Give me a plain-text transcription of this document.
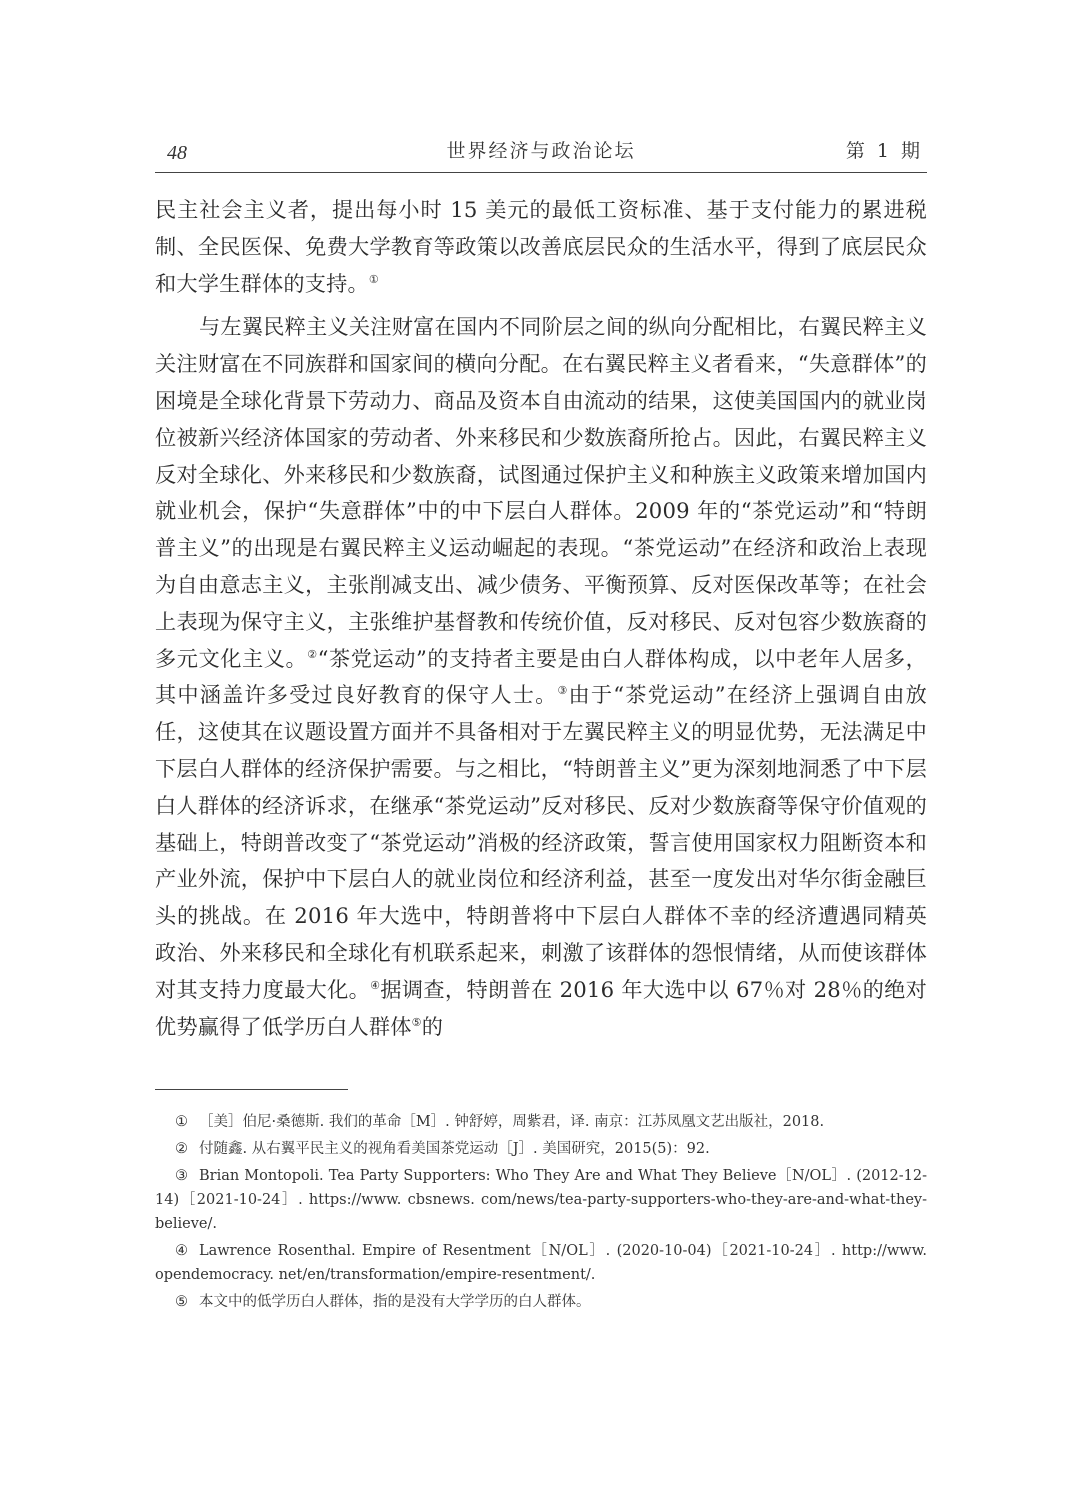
48	世界经济与政治论坛	第 1 期

民主社会主义者，提出每小时 15 美元的最低工资标准、基于支付能力的累进税制、全民医保、免费大学教育等政策以改善底层民众的生活水平，得到了底层民众和大学生群体的支持。①

与左翼民粹主义关注财富在国内不同阶层之间的纵向分配相比，右翼民粹主义关注财富在不同族群和国家间的横向分配。在右翼民粹主义者看来，“失意群体”的困境是全球化背景下劳动力、商品及资本自由流动的结果，这使美国国内的就业岗位被新兴经济体国家的劳动者、外来移民和少数族裔所抢占。因此，右翼民粹主义反对全球化、外来移民和少数族裔，试图通过保护主义和种族主义政策来增加国内就业机会，保护“失意群体”中的中下层白人群体。2009 年的“茶党运动”和“特朗普主义”的出现是右翼民粹主义运动崛起的表现。“茶党运动”在经济和政治上表现为自由意志主义，主张削减支出、减少债务、平衡预算、反对医保改革等；在社会上表现为保守主义，主张维护基督教和传统价值，反对移民、反对包容少数族裔的多元文化主义。②“茶党运动”的支持者主要是由白人群体构成，以中老年人居多，其中涵盖许多受过良好教育的保守人士。③由于“茶党运动”在经济上强调自由放任，这使其在议题设置方面并不具备相对于左翼民粹主义的明显优势，无法满足中下层白人群体的经济保护需要。与之相比，“特朗普主义”更为深刻地洞悉了中下层白人群体的经济诉求，在继承“茶党运动”反对移民、反对少数族裔等保守价值观的基础上，特朗普改变了“茶党运动”消极的经济政策，誓言使用国家权力阻断资本和产业外流，保护中下层白人的就业岗位和经济利益，甚至一度发出对华尔街金融巨头的挑战。在 2016 年大选中，特朗普将中下层白人群体不幸的经济遭遇同精英政治、外来移民和全球化有机联系起来，刺激了该群体的怨恨情绪，从而使该群体对其支持力度最大化。④据调查，特朗普在 2016 年大选中以 67％对 28％的绝对优势赢得了低学历白人群体⑤的

① ［美］伯尼·桑德斯. 我们的革命［M］. 钟舒婷，周紫君，译. 南京：江苏凤凰文艺出版社，2018.
② 付随鑫. 从右翼平民主义的视角看美国茶党运动［J］. 美国研究，2015(5)：92.
③ Brian Montopoli. Tea Party Supporters: Who They Are and What They Believe［N/OL］. (2012-12-14)［2021-10-24］. https://www. cbsnews. com/news/tea-party-supporters-who-they-are-and-what-they-believe/.
④ Lawrence Rosenthal. Empire of Resentment［N/OL］. (2020-10-04)［2021-10-24］. http://www. opendemocracy. net/en/transformation/empire-resentment/.
⑤ 本文中的低学历白人群体，指的是没有大学学历的白人群体。
